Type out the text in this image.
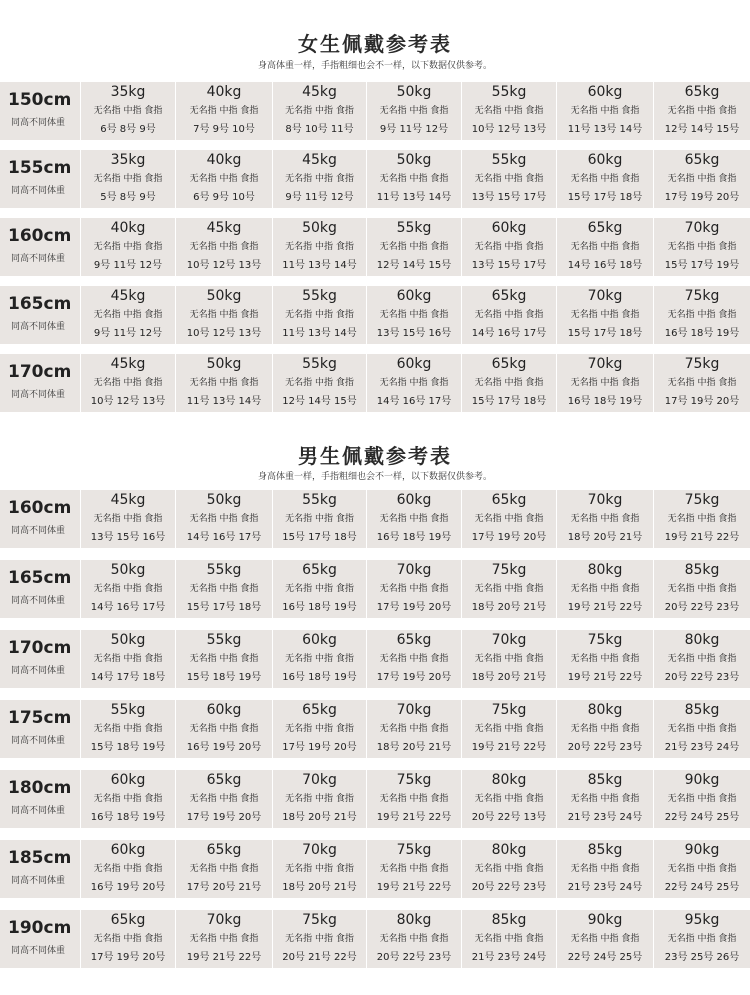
女生佩戴参考表
身高体重一样，手指粗细也会不一样，以下数据仅供参考。
150cm
同高不同体重
35kg
无名指 中指 食指
6号 8号 9号
40kg
无名指 中指 食指
7号 9号 10号
45kg
无名指 中指 食指
8号 10号 11号
50kg
无名指 中指 食指
9号 11号 12号
55kg
无名指 中指 食指
10号 12号 13号
60kg
无名指 中指 食指
11号 13号 14号
65kg
无名指 中指 食指
12号 14号 15号
155cm
同高不同体重
35kg
无名指 中指 食指
5号 8号 9号
40kg
无名指 中指 食指
6号 9号 10号
45kg
无名指 中指 食指
9号 11号 12号
50kg
无名指 中指 食指
11号 13号 14号
55kg
无名指 中指 食指
13号 15号 17号
60kg
无名指 中指 食指
15号 17号 18号
65kg
无名指 中指 食指
17号 19号 20号
160cm
同高不同体重
40kg
无名指 中指 食指
9号 11号 12号
45kg
无名指 中指 食指
10号 12号 13号
50kg
无名指 中指 食指
11号 13号 14号
55kg
无名指 中指 食指
12号 14号 15号
60kg
无名指 中指 食指
13号 15号 17号
65kg
无名指 中指 食指
14号 16号 18号
70kg
无名指 中指 食指
15号 17号 19号
165cm
同高不同体重
45kg
无名指 中指 食指
9号 11号 12号
50kg
无名指 中指 食指
10号 12号 13号
55kg
无名指 中指 食指
11号 13号 14号
60kg
无名指 中指 食指
13号 15号 16号
65kg
无名指 中指 食指
14号 16号 17号
70kg
无名指 中指 食指
15号 17号 18号
75kg
无名指 中指 食指
16号 18号 19号
170cm
同高不同体重
45kg
无名指 中指 食指
10号 12号 13号
50kg
无名指 中指 食指
11号 13号 14号
55kg
无名指 中指 食指
12号 14号 15号
60kg
无名指 中指 食指
14号 16号 17号
65kg
无名指 中指 食指
15号 17号 18号
70kg
无名指 中指 食指
16号 18号 19号
75kg
无名指 中指 食指
17号 19号 20号
男生佩戴参考表
身高体重一样，手指粗细也会不一样，以下数据仅供参考。
160cm
同高不同体重
45kg
无名指 中指 食指
13号 15号 16号
50kg
无名指 中指 食指
14号 16号 17号
55kg
无名指 中指 食指
15号 17号 18号
60kg
无名指 中指 食指
16号 18号 19号
65kg
无名指 中指 食指
17号 19号 20号
70kg
无名指 中指 食指
18号 20号 21号
75kg
无名指 中指 食指
19号 21号 22号
165cm
同高不同体重
50kg
无名指 中指 食指
14号 16号 17号
55kg
无名指 中指 食指
15号 17号 18号
65kg
无名指 中指 食指
16号 18号 19号
70kg
无名指 中指 食指
17号 19号 20号
75kg
无名指 中指 食指
18号 20号 21号
80kg
无名指 中指 食指
19号 21号 22号
85kg
无名指 中指 食指
20号 22号 23号
170cm
同高不同体重
50kg
无名指 中指 食指
14号 17号 18号
55kg
无名指 中指 食指
15号 18号 19号
60kg
无名指 中指 食指
16号 18号 19号
65kg
无名指 中指 食指
17号 19号 20号
70kg
无名指 中指 食指
18号 20号 21号
75kg
无名指 中指 食指
19号 21号 22号
80kg
无名指 中指 食指
20号 22号 23号
175cm
同高不同体重
55kg
无名指 中指 食指
15号 18号 19号
60kg
无名指 中指 食指
16号 19号 20号
65kg
无名指 中指 食指
17号 19号 20号
70kg
无名指 中指 食指
18号 20号 21号
75kg
无名指 中指 食指
19号 21号 22号
80kg
无名指 中指 食指
20号 22号 23号
85kg
无名指 中指 食指
21号 23号 24号
180cm
同高不同体重
60kg
无名指 中指 食指
16号 18号 19号
65kg
无名指 中指 食指
17号 19号 20号
70kg
无名指 中指 食指
18号 20号 21号
75kg
无名指 中指 食指
19号 21号 22号
80kg
无名指 中指 食指
20号 22号 13号
85kg
无名指 中指 食指
21号 23号 24号
90kg
无名指 中指 食指
22号 24号 25号
185cm
同高不同体重
60kg
无名指 中指 食指
16号 19号 20号
65kg
无名指 中指 食指
17号 20号 21号
70kg
无名指 中指 食指
18号 20号 21号
75kg
无名指 中指 食指
19号 21号 22号
80kg
无名指 中指 食指
20号 22号 23号
85kg
无名指 中指 食指
21号 23号 24号
90kg
无名指 中指 食指
22号 24号 25号
190cm
同高不同体重
65kg
无名指 中指 食指
17号 19号 20号
70kg
无名指 中指 食指
19号 21号 22号
75kg
无名指 中指 食指
20号 21号 22号
80kg
无名指 中指 食指
20号 22号 23号
85kg
无名指 中指 食指
21号 23号 24号
90kg
无名指 中指 食指
22号 24号 25号
95kg
无名指 中指 食指
23号 25号 26号
